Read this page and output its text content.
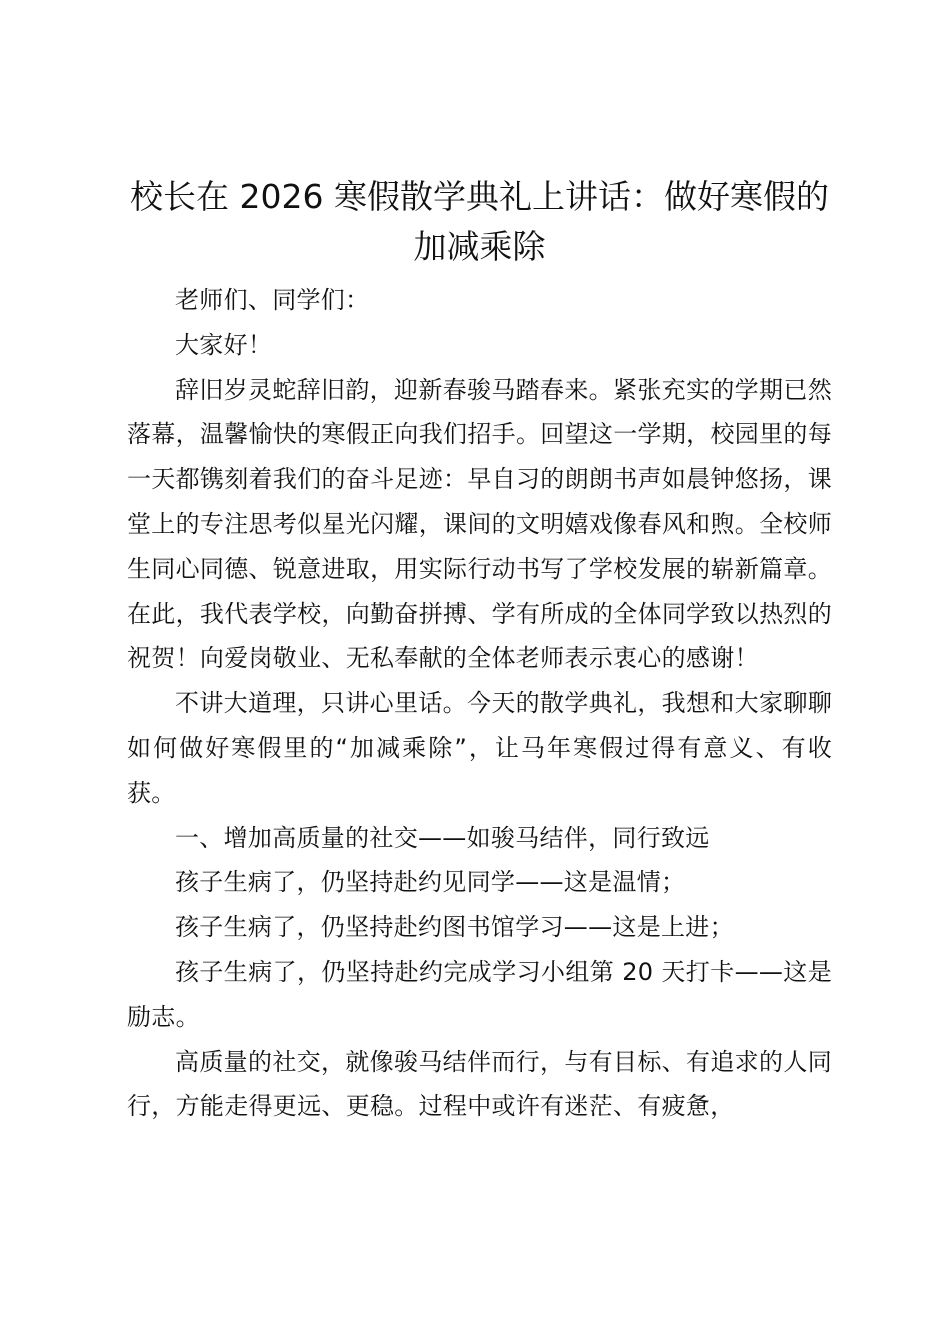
校长在 2026 寒假散学典礼上讲话：做好寒假的加减乘除

老师们、同学们：

大家好！

辞旧岁灵蛇辞旧韵，迎新春骏马踏春来。紧张充实的学期已然落幕，温馨愉快的寒假正向我们招手。回望这一学期，校园里的每一天都镌刻着我们的奋斗足迹：早自习的朗朗书声如晨钟悠扬，课堂上的专注思考似星光闪耀，课间的文明嬉戏像春风和煦。全校师生同心同德、锐意进取，用实际行动书写了学校发展的崭新篇章。在此，我代表学校，向勤奋拼搏、学有所成的全体同学致以热烈的祝贺！向爱岗敬业、无私奉献的全体老师表示衷心的感谢！

不讲大道理，只讲心里话。今天的散学典礼，我想和大家聊聊如何做好寒假里的“加减乘除”，让马年寒假过得有意义、有收获。

一、增加高质量的社交——如骏马结伴，同行致远

孩子生病了，仍坚持赴约见同学——这是温情；

孩子生病了，仍坚持赴约图书馆学习——这是上进；

孩子生病了，仍坚持赴约完成学习小组第 20 天打卡——这是励志。

高质量的社交，就像骏马结伴而行，与有目标、有追求的人同行，方能走得更远、更稳。过程中或许有迷茫、有疲惫，
